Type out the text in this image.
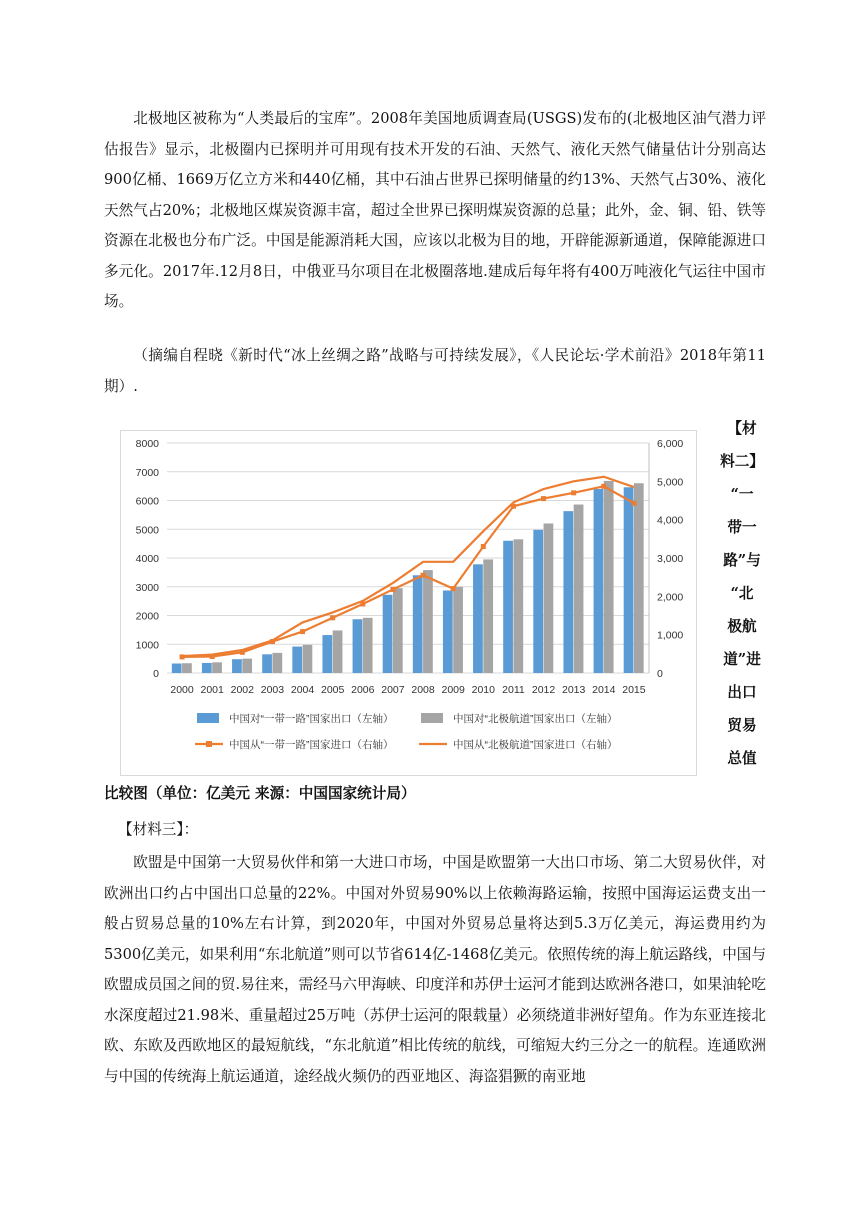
北极地区被称为“人类最后的宝库”。2008年美国地质调查局(USGS)发布的(北极地区油气潜力评估报告》显示，北极圈内已探明并可用现有技术开发的石油、天然气、液化天然气储量估计分别高达900亿桶、1669万亿立方米和440亿桶，其中石油占世界已探明储量的约13%、天然气占30%、液化天然气占20%；北极地区煤炭资源丰富，超过全世界已探明煤炭资源的总量；此外，金、铜、铅、铁等资源在北极也分布广泛。中国是能源消耗大国，应该以北极为目的地，开辟能源新通道，保障能源进口多元化。2017年.12月8日，中俄亚马尔项目在北极圈落地.建成后每年将有400万吨液化气运往中国市场。

（摘编自程晓《新时代“冰上丝绸之路”战略与可持续发展》，《人民论坛·学术前沿》2018年第11期）.

【材
料二】
“一
带一
路”与
“北
极航
道”进
出口
贸易
总值
0
1000
2000
3000
4000
5000
6000
7000
8000
0
1,000
2,000
3,000
4,000
5,000
6,000
2000 2001 2002 2003 2004 2005 2006 2007 2008 2009 2010 2011 2012 2013 2014 2015
中国对“一带一路”国家出口（左轴）	中国对“北极航道”国家出口（左轴）
中国从“一带一路”国家进口（右轴）	中国从“北极航道”国家进口（右轴）
比较图（单位：亿美元 来源：中国国家统计局）
【材料三】：

欧盟是中国第一大贸易伙伴和第一大进口市场，中国是欧盟第一大出口市场、第二大贸易伙伴，对欧洲出口约占中国出口总量的22%。中国对外贸易90%以上依赖海路运输，按照中国海运运费支出一般占贸易总量的10%左右计算，到2020年，中国对外贸易总量将达到5.3万亿美元，海运费用约为5300亿美元，如果利用“东北航道”则可以节省614亿-1468亿美元。依照传统的海上航运路线，中国与欧盟成员国之间的贸.易往来，需经马六甲海峡、印度洋和苏伊士运河才能到达欧洲各港口，如果油轮吃水深度超过21.98米、重量超过25万吨（苏伊士运河的限载量）必须绕道非洲好望角。作为东亚连接北欧、东欧及西欧地区的最短航线，“东北航道”相比传统的航线，可缩短大约三分之一的航程。连通欧洲与中国的传统海上航运通道，途经战火频仍的西亚地区、海盗猖獗的南亚地
